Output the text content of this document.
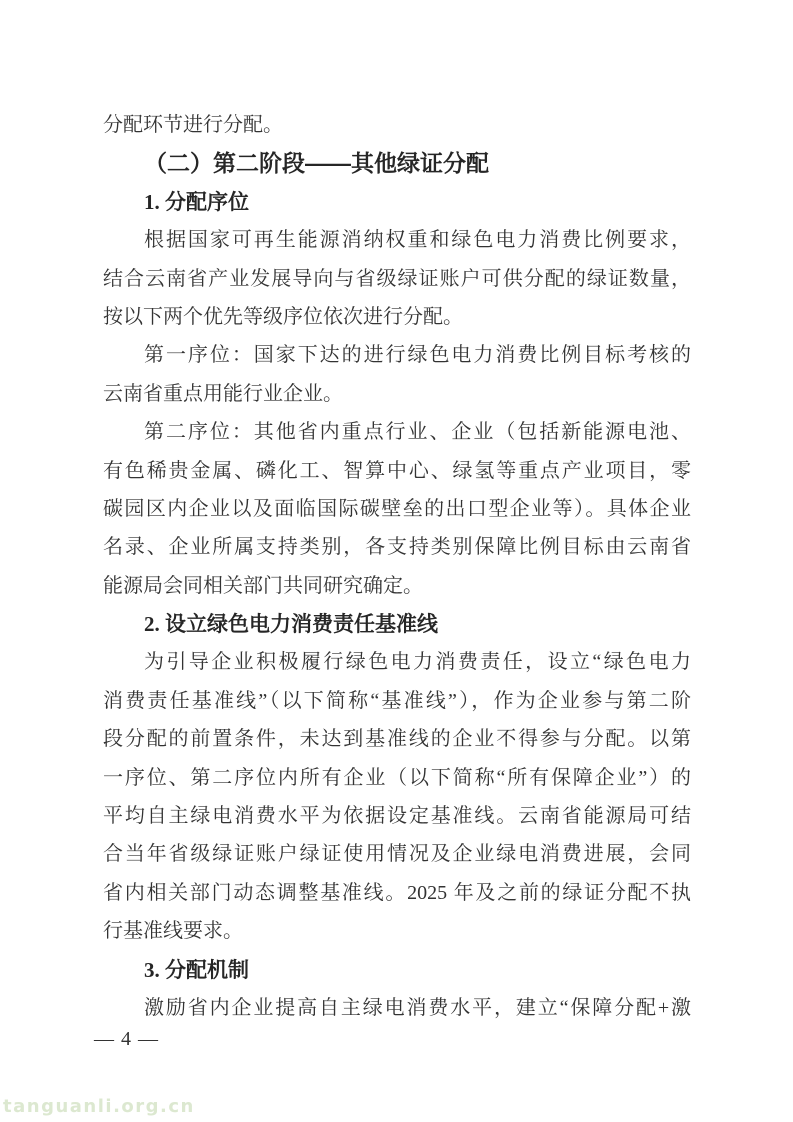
分配环节进行分配。
（二）第二阶段——其他绿证分配
1. 分配序位
根据国家可再生能源消纳权重和绿色电力消费比例要求，
结合云南省产业发展导向与省级绿证账户可供分配的绿证数量，
按以下两个优先等级序位依次进行分配。
第一序位：国家下达的进行绿色电力消费比例目标考核的
云南省重点用能行业企业。
第二序位：其他省内重点行业、企业（包括新能源电池、
有色稀贵金属、磷化工、智算中心、绿氢等重点产业项目，零
碳园区内企业以及面临国际碳壁垒的出口型企业等）。具体企业
名录、企业所属支持类别，各支持类别保障比例目标由云南省
能源局会同相关部门共同研究确定。
2. 设立绿色电力消费责任基准线
为引导企业积极履行绿色电力消费责任，设立“绿色电力
消费责任基准线”（以下简称“基准线”），作为企业参与第二阶
段分配的前置条件，未达到基准线的企业不得参与分配。以第
一序位、第二序位内所有企业（以下简称“所有保障企业”）的
平均自主绿电消费水平为依据设定基准线。云南省能源局可结
合当年省级绿证账户绿证使用情况及企业绿电消费进展，会同
省内相关部门动态调整基准线。2025 年及之前的绿证分配不执
行基准线要求。
3. 分配机制
激励省内企业提高自主绿电消费水平，建立“保障分配+激
— 4 —
tanguanli.org.cn
